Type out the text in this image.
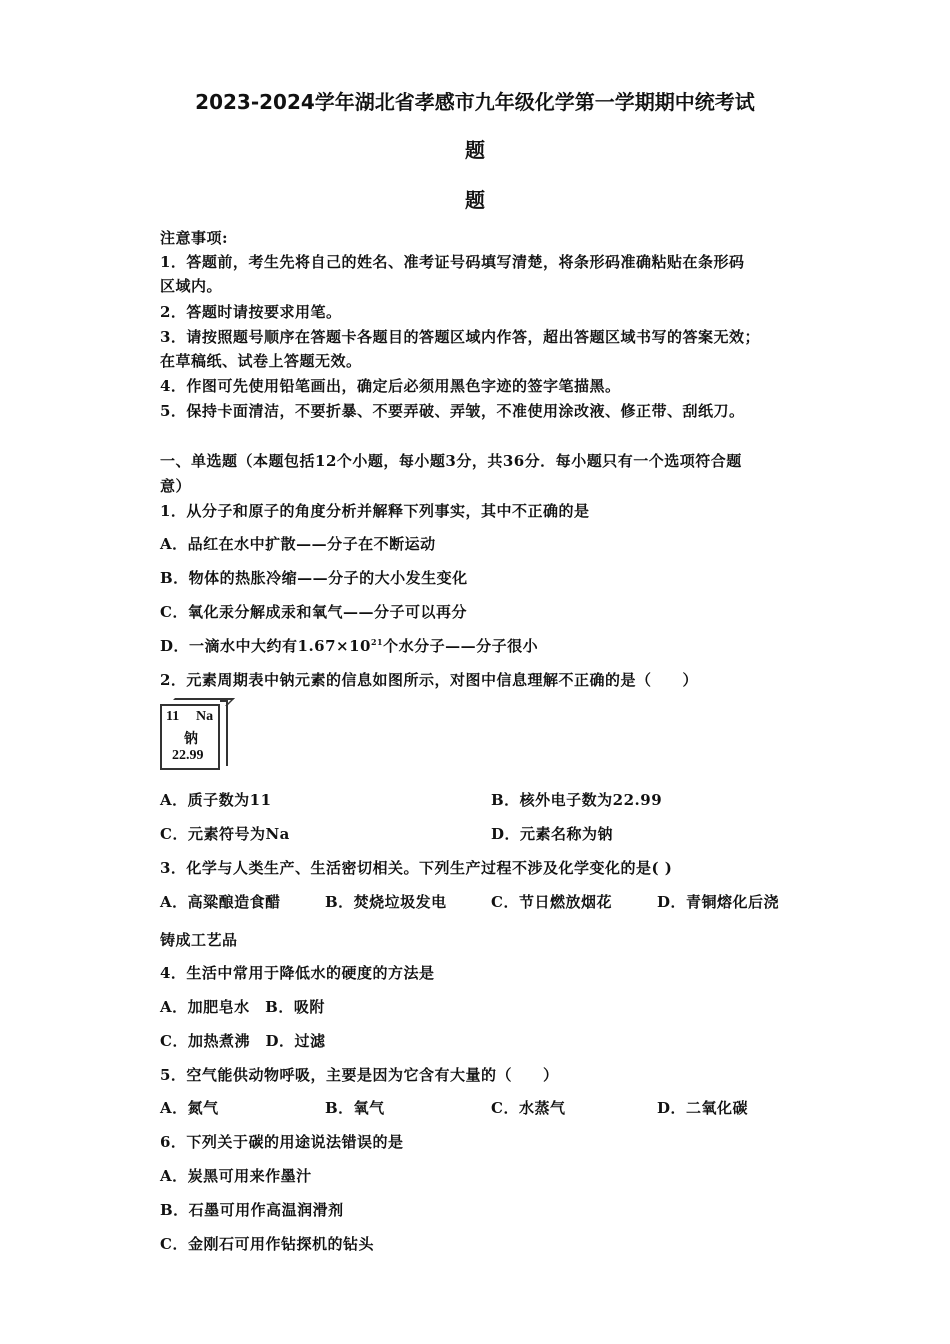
2023-2024学年湖北省孝感市九年级化学第一学期期中统考试
题
题
注意事项:
1．答题前，考生先将自己的姓名、准考证号码填写清楚，将条形码准确粘贴在条形码
区域内。
2．答题时请按要求用笔。
3．请按照题号顺序在答题卡各题目的答题区域内作答，超出答题区域书写的答案无效；
在草稿纸、试卷上答题无效。
4．作图可先使用铅笔画出，确定后必须用黑色字迹的签字笔描黑。
5．保持卡面清洁，不要折暴、不要弄破、弄皱，不准使用涂改液、修正带、刮纸刀。
一、单选题（本题包括12个小题，每小题3分，共36分．每小题只有一个选项符合题
意）
1．从分子和原子的角度分析并解释下列事实，其中不正确的是
A．品红在水中扩散——分子在不断运动
B．物体的热胀冷缩——分子的大小发生变化
C．氧化汞分解成汞和氧气——分子可以再分
D．一滴水中大约有$1.67\times 10^{21}$个水分子——分子很小
2．元素周期表中钠元素的信息如图所示，对图中信息理解不正确的是（　　）
11 Na
钠
22.99
A．质子数为11	B．核外电子数为22.99
C．元素符号为Na	D．元素名称为钠
3．化学与人类生产、生活密切相关。下列生产过程不涉及化学变化的是( )
A．高粱酿造食醋	B．焚烧垃圾发电	C．节日燃放烟花	D．青铜熔化后浇
铸成工艺品
4．生活中常用于降低水的硬度的方法是
A．加肥皂水　B．吸附
C．加热煮沸　D．过滤
5．空气能供动物呼吸，主要是因为它含有大量的（　　）
A．氮气	B．氧气	C．水蒸气	D．二氧化碳
6．下列关于碳的用途说法错误的是
A．炭黑可用来作墨汁
B．石墨可用作高温润滑剂
C．金刚石可用作钻探机的钻头
